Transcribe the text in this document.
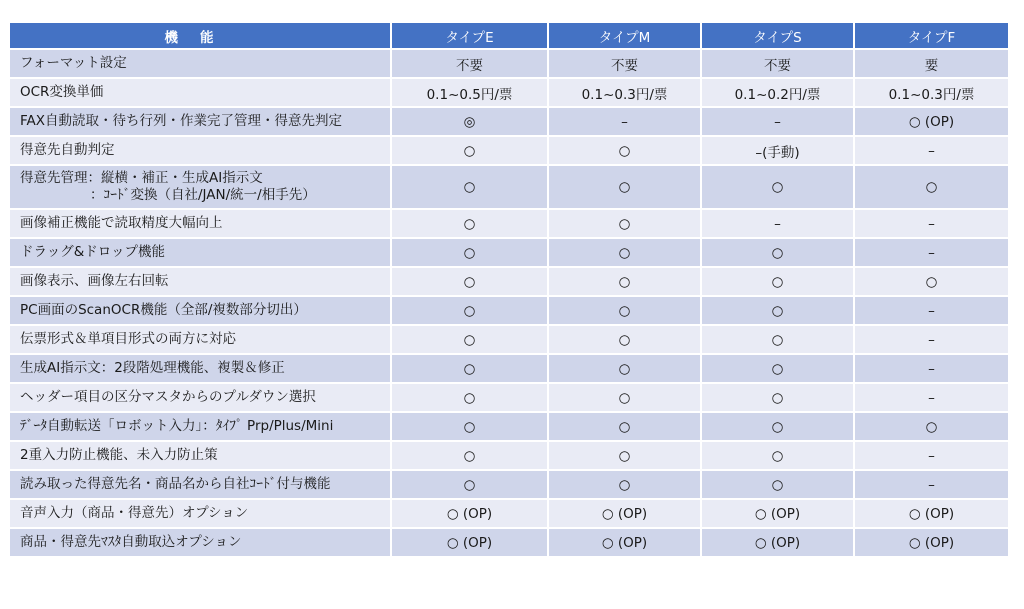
機能	タイプE	タイプM	タイプS	タイプF
フォーマット設定	不要	不要	不要	要
OCR変換単価	0.1~0.5円/票	0.1~0.3円/票	0.1~0.2円/票	0.1~0.3円/票
FAX自動読取・待ち行列・作業完了管理・得意先判定	◎	–	–	○ (OP)
得意先自動判定	○	○	–(手動)	–
得意先管理：縦横・補正・生成AI指示文
：ｺｰﾄﾞ変換（自社/JAN/統一/相手先）	○	○	○	○
画像補正機能で読取精度大幅向上	○	○	–	–
ドラッグ&ドロップ機能	○	○	○	–
画像表示、画像左右回転	○	○	○	○
PC画面のScanOCR機能（全部/複数部分切出）	○	○	○	–
伝票形式＆単項目形式の両方に対応	○	○	○	–
生成AI指示文：2段階処理機能、複製＆修正	○	○	○	–
ヘッダー項目の区分マスタからのプルダウン選択	○	○	○	–
ﾃﾞｰﾀ自動転送「ロボット入力」：ﾀｲﾌﾟ Prp/Plus/Mini	○	○	○	○
2重入力防止機能、未入力防止策	○	○	○	–
読み取った得意先名・商品名から自社ｺｰﾄﾞ付与機能	○	○	○	–
音声入力（商品・得意先）オプション	○ (OP)	○ (OP)	○ (OP)	○ (OP)
商品・得意先ﾏｽﾀ自動取込オプション	○ (OP)	○ (OP)	○ (OP)	○ (OP)
